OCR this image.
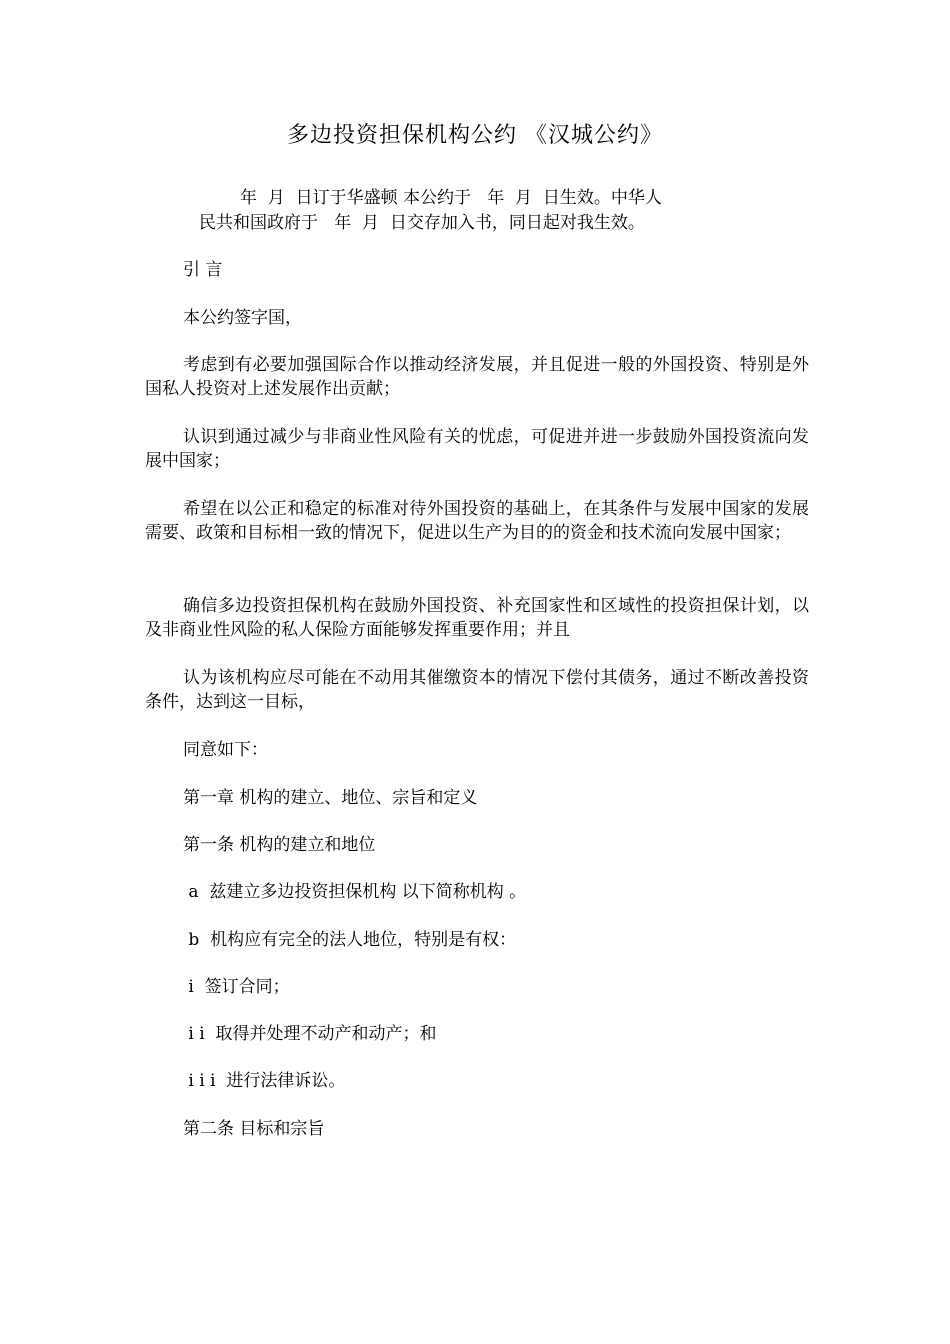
多边投资担保机构公约 《汉城公约》
年  月  日订于华盛顿 本公约于   年  月  日生效。中华人
民共和国政府于   年  月  日交存加入书，同日起对我生效。
引 言
本公约签字国，
考虑到有必要加强国际合作以推动经济发展，并且促进一般的外国投资、特别是外国私人投资对上述发展作出贡献；
认识到通过减少与非商业性风险有关的忧虑，可促进并进一步鼓励外国投资流向发展中国家；
希望在以公正和稳定的标准对待外国投资的基础上，在其条件与发展中国家的发展需要、政策和目标相一致的情况下，促进以生产为目的的资金和技术流向发展中国家；
确信多边投资担保机构在鼓励外国投资、补充国家性和区域性的投资担保计划，以及非商业性风险的私人保险方面能够发挥重要作用；并且
认为该机构应尽可能在不动用其催缴资本的情况下偿付其债务，通过不断改善投资条件，达到这一目标，
同意如下：
第一章 机构的建立、地位、宗旨和定义
第一条 机构的建立和地位
a  兹建立多边投资担保机构 以下简称机构 。
b  机构应有完全的法人地位，特别是有权：
i  签订合同；
i i  取得并处理不动产和动产；和
i i i  进行法律诉讼。
第二条 目标和宗旨
